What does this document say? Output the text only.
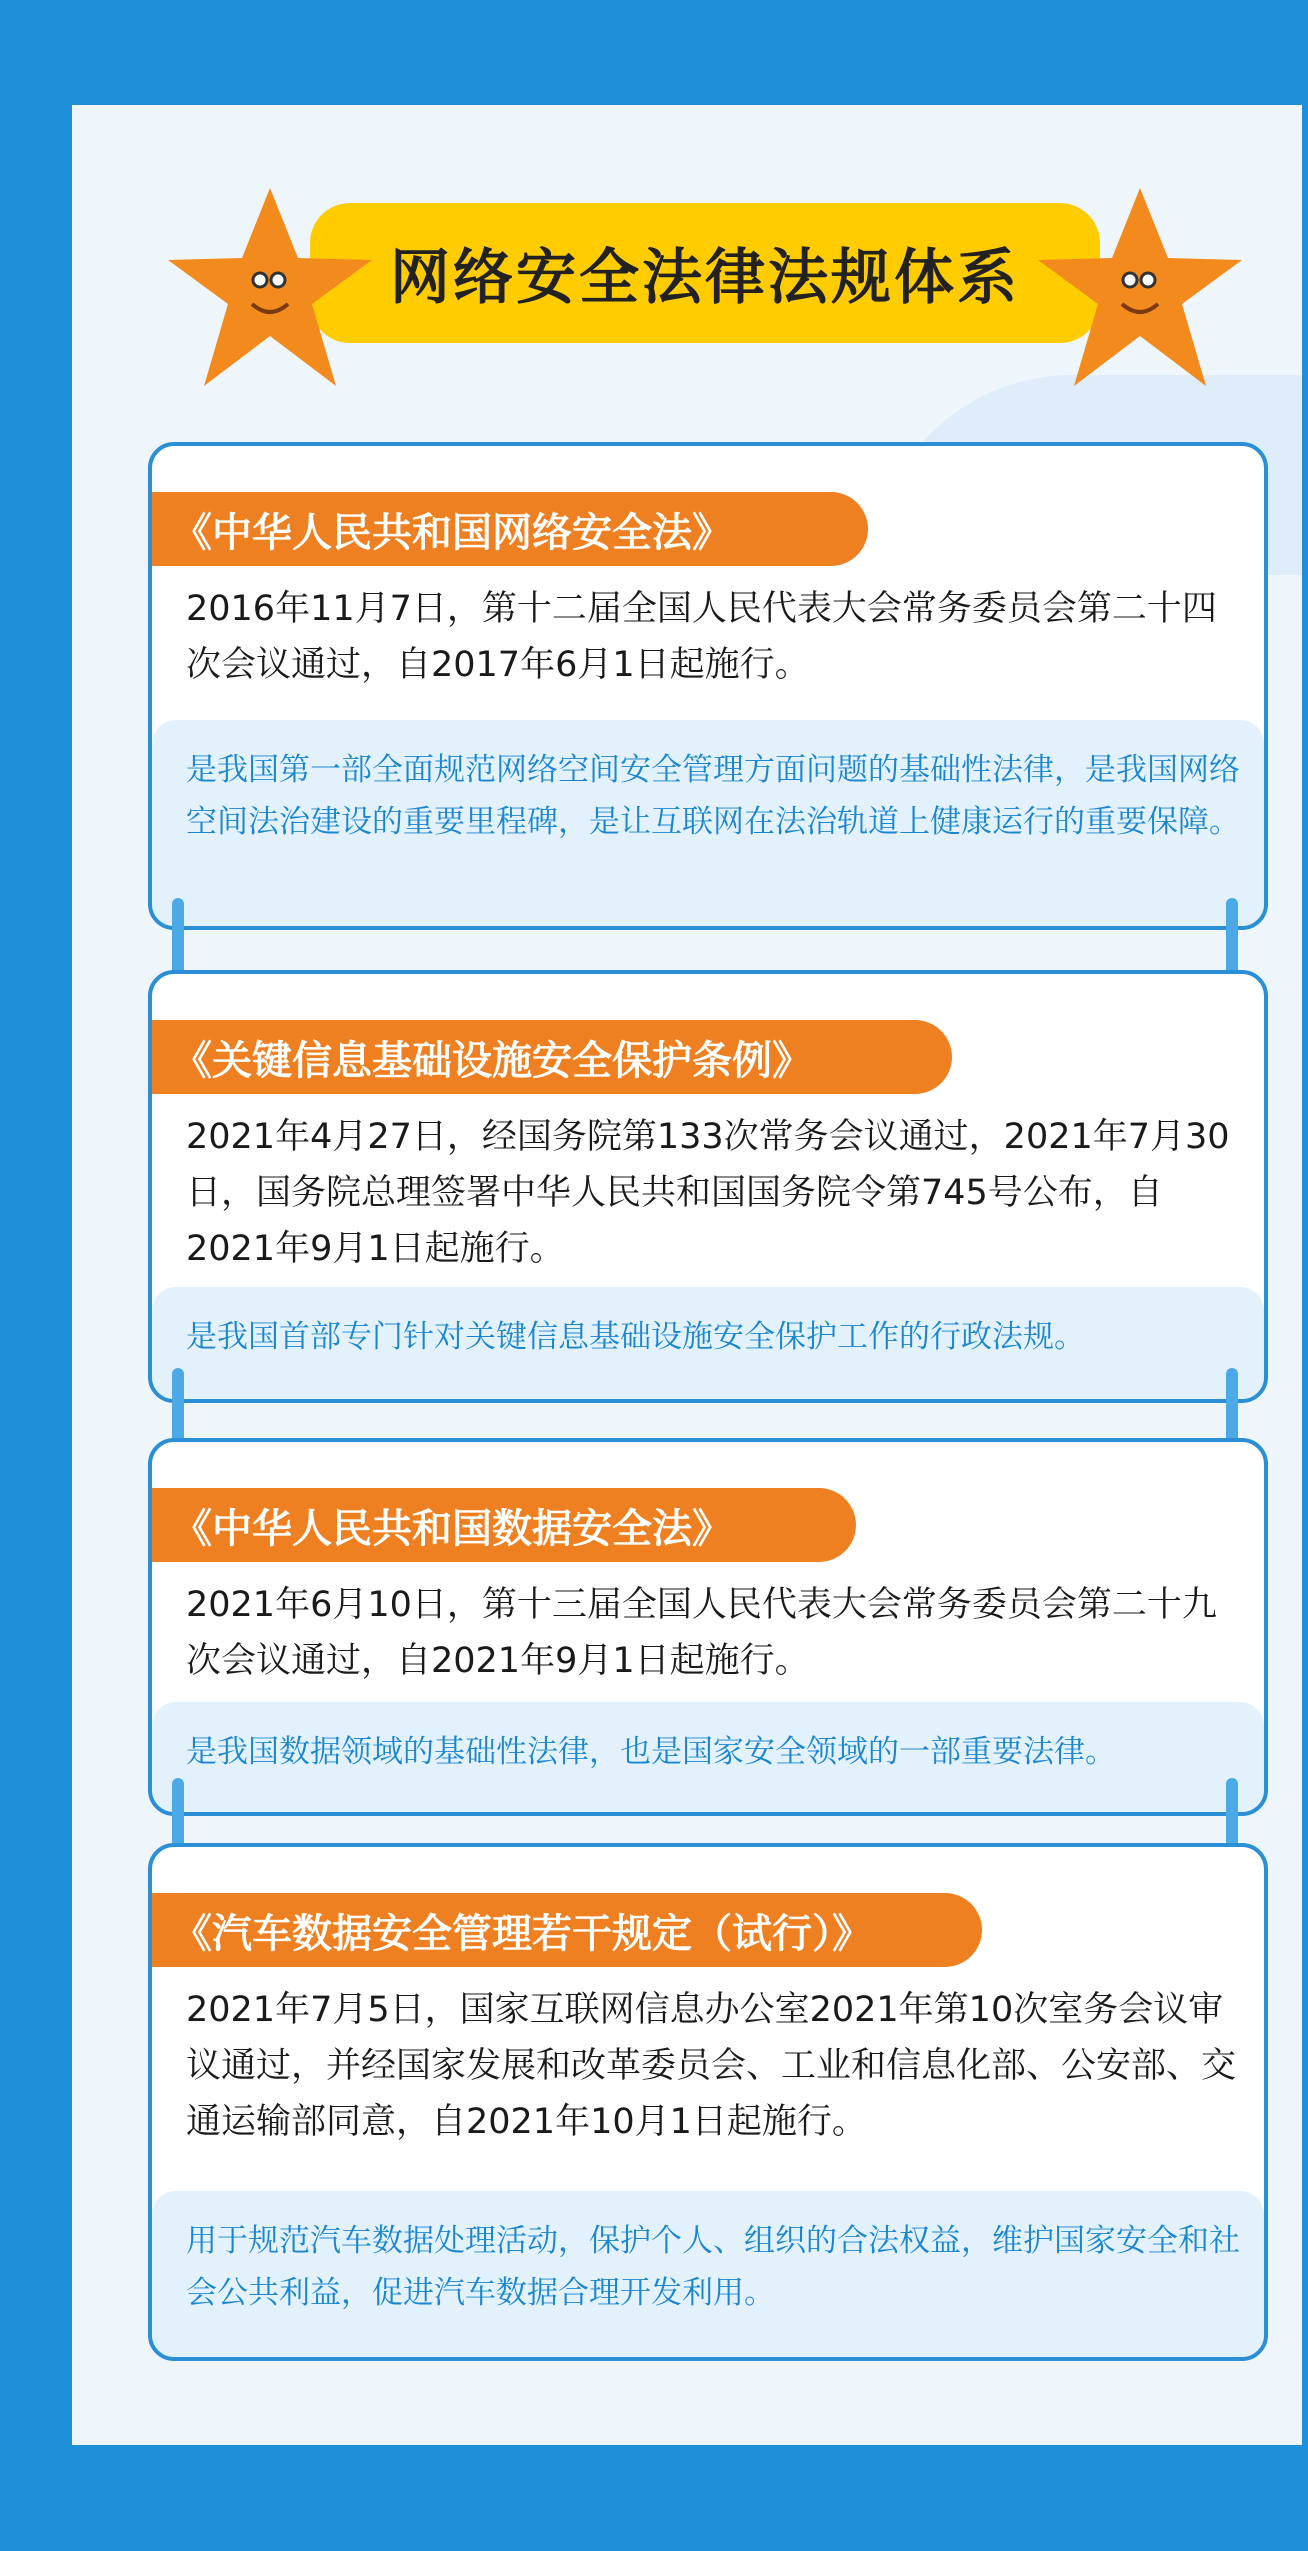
网络安全法律法规体系
《中华人民共和国网络安全法》
2016年11月7日，第十二届全国人民代表大会常务委员会第二十四次会议通过，自2017年6月1日起施行。
是我国第一部全面规范网络空间安全管理方面问题的基础性法律，是我国网络空间法治建设的重要里程碑，是让互联网在法治轨道上健康运行的重要保障。
《关键信息基础设施安全保护条例》
2021年4月27日，经国务院第133次常务会议通过，2021年7月30日，国务院总理签署中华人民共和国国务院令第745号公布，自2021年9月1日起施行。
是我国首部专门针对关键信息基础设施安全保护工作的行政法规。
《中华人民共和国数据安全法》
2021年6月10日，第十三届全国人民代表大会常务委员会第二十九次会议通过，自2021年9月1日起施行。
是我国数据领域的基础性法律，也是国家安全领域的一部重要法律。
《汽车数据安全管理若干规定（试行）》
2021年7月5日，国家互联网信息办公室2021年第10次室务会议审议通过，并经国家发展和改革委员会、工业和信息化部、公安部、交通运输部同意，自2021年10月1日起施行。
用于规范汽车数据处理活动，保护个人、组织的合法权益，维护国家安全和社会公共利益，促进汽车数据合理开发利用。
